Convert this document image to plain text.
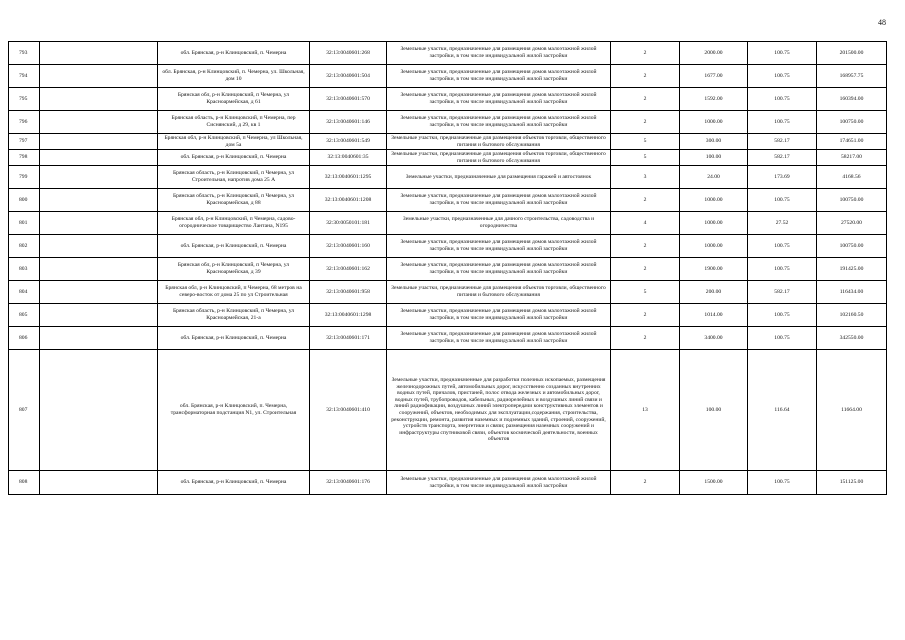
48
793		обл. Брянская, р-н Клинцовский, п. Чемерна	32:13:0040601:268	Земельные участки, предназначенные для размещения домов малоэтажной жилой застройки, в том числе индивидуальной жилой застройки	2	2000.00	100.75	201500.00
794		обл. Брянская, р-н Клинцовский, п. Чемерна, ул. Школьная, дом 10	32:13:0040601:504	Земельные участки, предназначенные для размещения домов малоэтажной жилой застройки, в том числе индивидуальной жилой застройки	2	1677.00	100.75	168957.75
795		Брянская обл, р-н Клинцовский, п Чемерна, ул Красноармейская, д 61	32:13:0040601:570	Земельные участки, предназначенные для размещения домов малоэтажной жилой застройки, в том числе индивидуальной жилой застройки	2	1592.00	100.75	160394.00
796		Брянская область, р-н Клинцовский, п Чемерна, пер Сиснянский, д 29, кв 1	32:13:0040601:146	Земельные участки, предназначенные для размещения домов малоэтажной жилой застройки, в том числе индивидуальной жилой застройки	2	1000.00	100.75	100750.00
797		Брянская обл, р-н Клинцовский, п Чемерна, ул Школьная, дом 5а	32:13:0040601:549	Земельные участки, предназначенные для размещения объектов торговли, общественного питания и бытового обслуживания	5	300.00	582.17	174651.00
798		обл. Брянская, р-н Клинцовский, п. Чемерна	32:13:0040601:35	Земельные участки, предназначенные для размещения объектов торговли, общественного питания и бытового обслуживания	5	100.00	582.17	58217.00
799		Брянская область, р-н Клинцовский, п Чемерна, ул Строительная, напротив дома 25 А	32:13:0040601:1295	Земельные участки, предназначенные для размещения гаражей и автостоянок	3	24.00	173.69	4168.56
800		Брянская область, р-н Клинцовский, п Чемерна, ул Красноармейская, д 88	32:13:0040601:1208	Земельные участки, предназначенные для размещения домов малоэтажной жилой застройки, в том числе индивидуальной жилой застройки	2	1000.00	100.75	100750.00
801		Брянская обл, р-н Клинцовский, п Чемерна, садово-огородническое товарищество Лантана, N195	32:30:0050101:181	Земельные участки, предназначенные для дачного строительства, садоводства и огородничества	4	1000.00	27.52	27520.00
802		обл. Брянская, р-н Клинцовский, п. Чемерна	32:13:0040601:160	Земельные участки, предназначенные для размещения домов малоэтажной жилой застройки, в том числе индивидуальной жилой застройки	2	1000.00	100.75	100750.00
803		Брянская обл, р-н Клинцовский, п Чемерна, ул Красноармейская, д 39	32:13:0040601:162	Земельные участки, предназначенные для размещения домов малоэтажной жилой застройки, в том числе индивидуальной жилой застройки	2	1900.00	100.75	191425.00
804		Брянская обл, р-н Клинцовский, п Чемерна, 68 метров на северо-восток от дома 25 по ул Строительная	32:13:0040601:958	Земельные участки, предназначенные для размещения объектов торговли, общественного питания и бытового обслуживания	5	200.00	582.17	116434.00
805		Брянская область, р-н Клинцовский, п Чемерна, ул Красноармейская, 21-а	32:13:0040601:1298	Земельные участки, предназначенные для размещения домов малоэтажной жилой застройки, в том числе индивидуальной жилой застройки	2	1014.00	100.75	102160.50
806		обл. Брянская, р-н Клинцовский, п. Чемерна	32:13:0040601:171	Земельные участки, предназначенные для размещения домов малоэтажной жилой застройки, в том числе индивидуальной жилой застройки	2	3400.00	100.75	342550.00
807		обл. Брянская, р-н Клинцовский, п. Чемерна, трансформаторная подстанция N1, ул. Строительная	32:13:0040601:410	Земельные участки, предназначенные для разработки полезных ископаемых, размещения железнодорожных путей, автомобильных дорог, искусственно созданных внутренних водных путей, причалов, пристаней, полос отвода железных и автомобильных дорог, водных путей, трубопроводов, кабельных, радиорелейных и воздушных линий связи и линий радиофикации, воздушных линий электропередачи конструктивных элементов и сооружений, объектов, необходимых для эксплуатации,содержания, строительства, реконструкции, ремонта, развития наземных и подземных зданий, строений, сооружений, устройств транспорта, энергетики и связи; размещения наземных сооружений и инфраструктуры спутниковой связи, объектов космической деятельности, военных объектов	13	100.00	116.64	11664.00
808		обл. Брянская, р-н Клинцовский, п. Чемерна	32:13:0040601:176	Земельные участки, предназначенные для размещения домов малоэтажной жилой застройки, в том числе индивидуальной жилой застройки	2	1500.00	100.75	151125.00
